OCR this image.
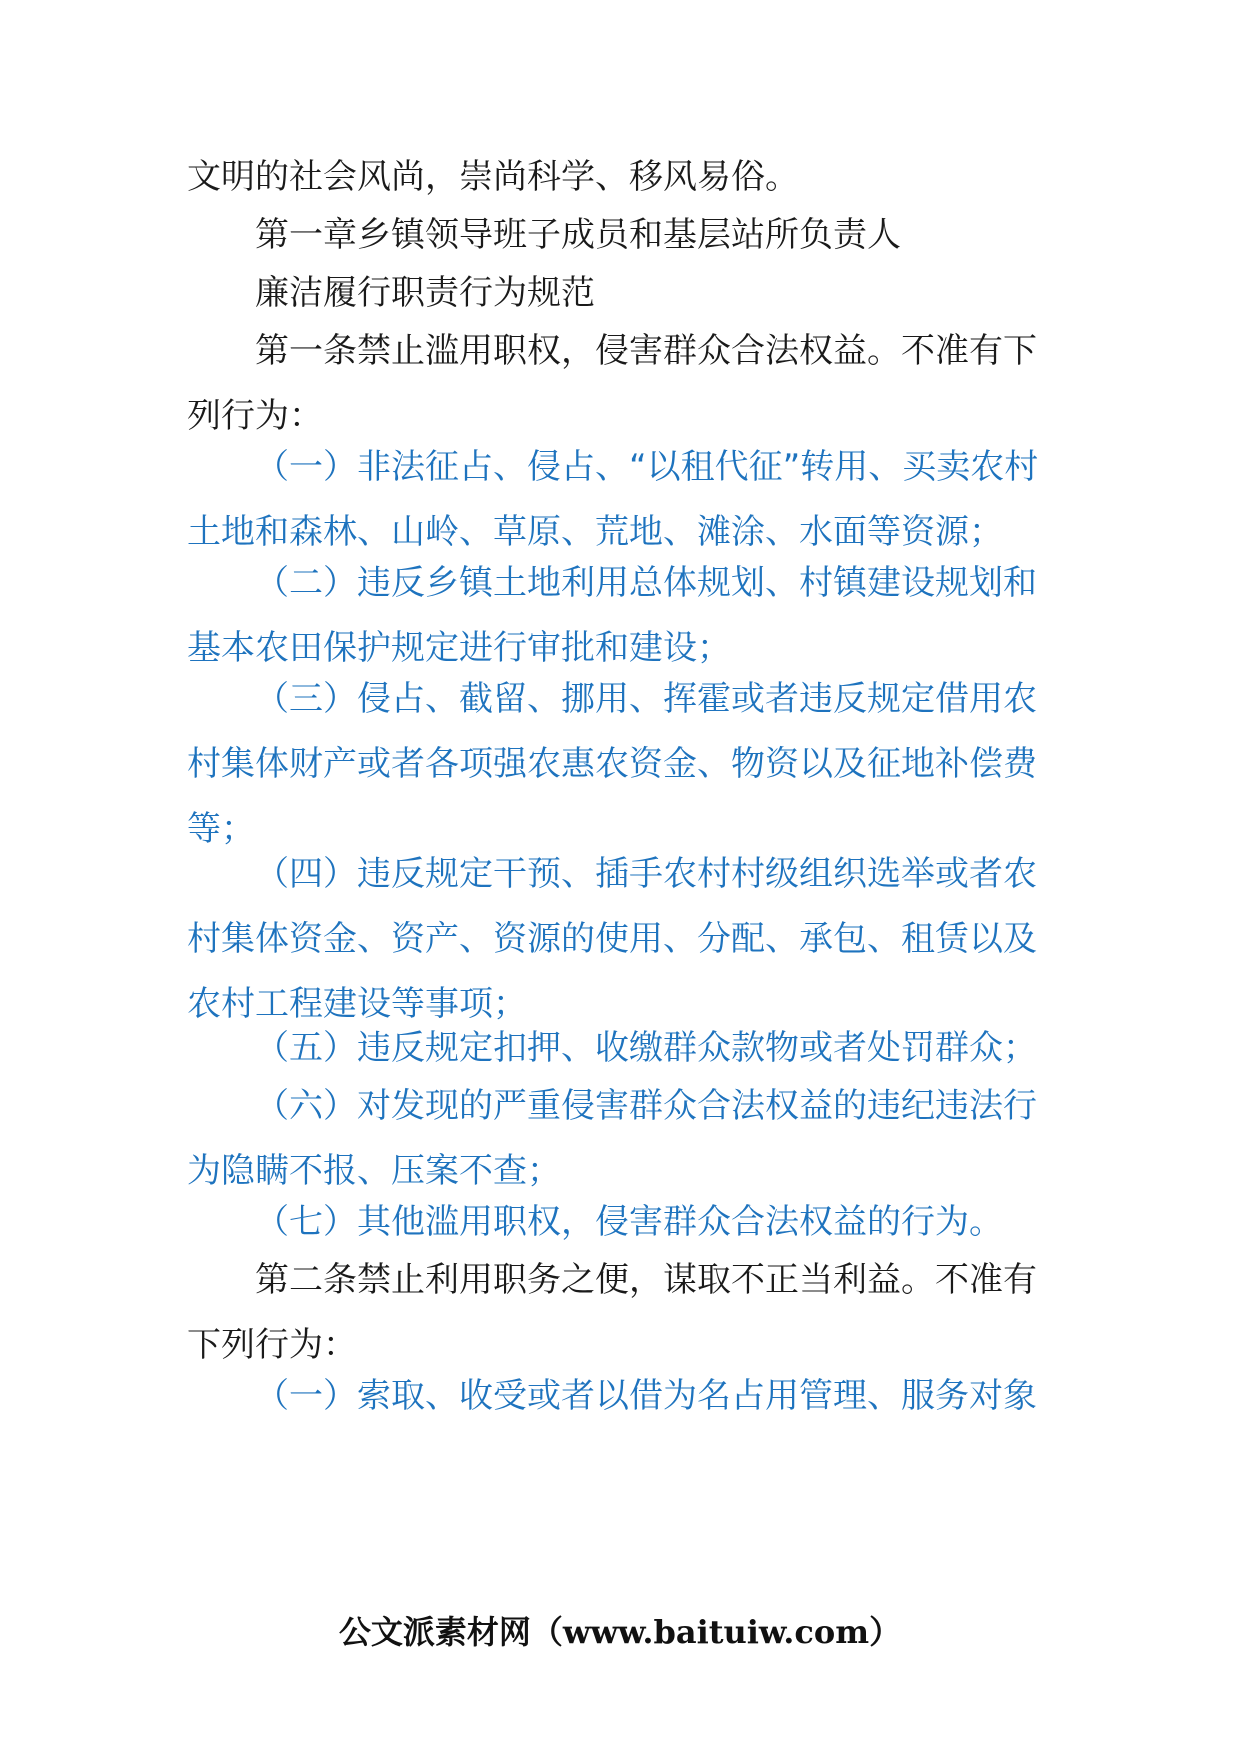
文明的社会风尚，崇尚科学、移风易俗。

第一章乡镇领导班子成员和基层站所负责人

廉洁履行职责行为规范

第一条禁止滥用职权，侵害群众合法权益。不准有下列行为：

（一）非法征占、侵占、“以租代征”转用、买卖农村土地和森林、山岭、草原、荒地、滩涂、水面等资源；

（二）违反乡镇土地利用总体规划、村镇建设规划和基本农田保护规定进行审批和建设；

（三）侵占、截留、挪用、挥霍或者违反规定借用农村集体财产或者各项强农惠农资金、物资以及征地补偿费等；

（四）违反规定干预、插手农村村级组织选举或者农村集体资金、资产、资源的使用、分配、承包、租赁以及农村工程建设等事项；

（五）违反规定扣押、收缴群众款物或者处罚群众；

（六）对发现的严重侵害群众合法权益的违纪违法行为隐瞒不报、压案不查；

（七）其他滥用职权，侵害群众合法权益的行为。

第二条禁止利用职务之便，谋取不正当利益。不准有下列行为：

（一）索取、收受或者以借为名占用管理、服务对象

公文派素材网（www.baituiw.com）
